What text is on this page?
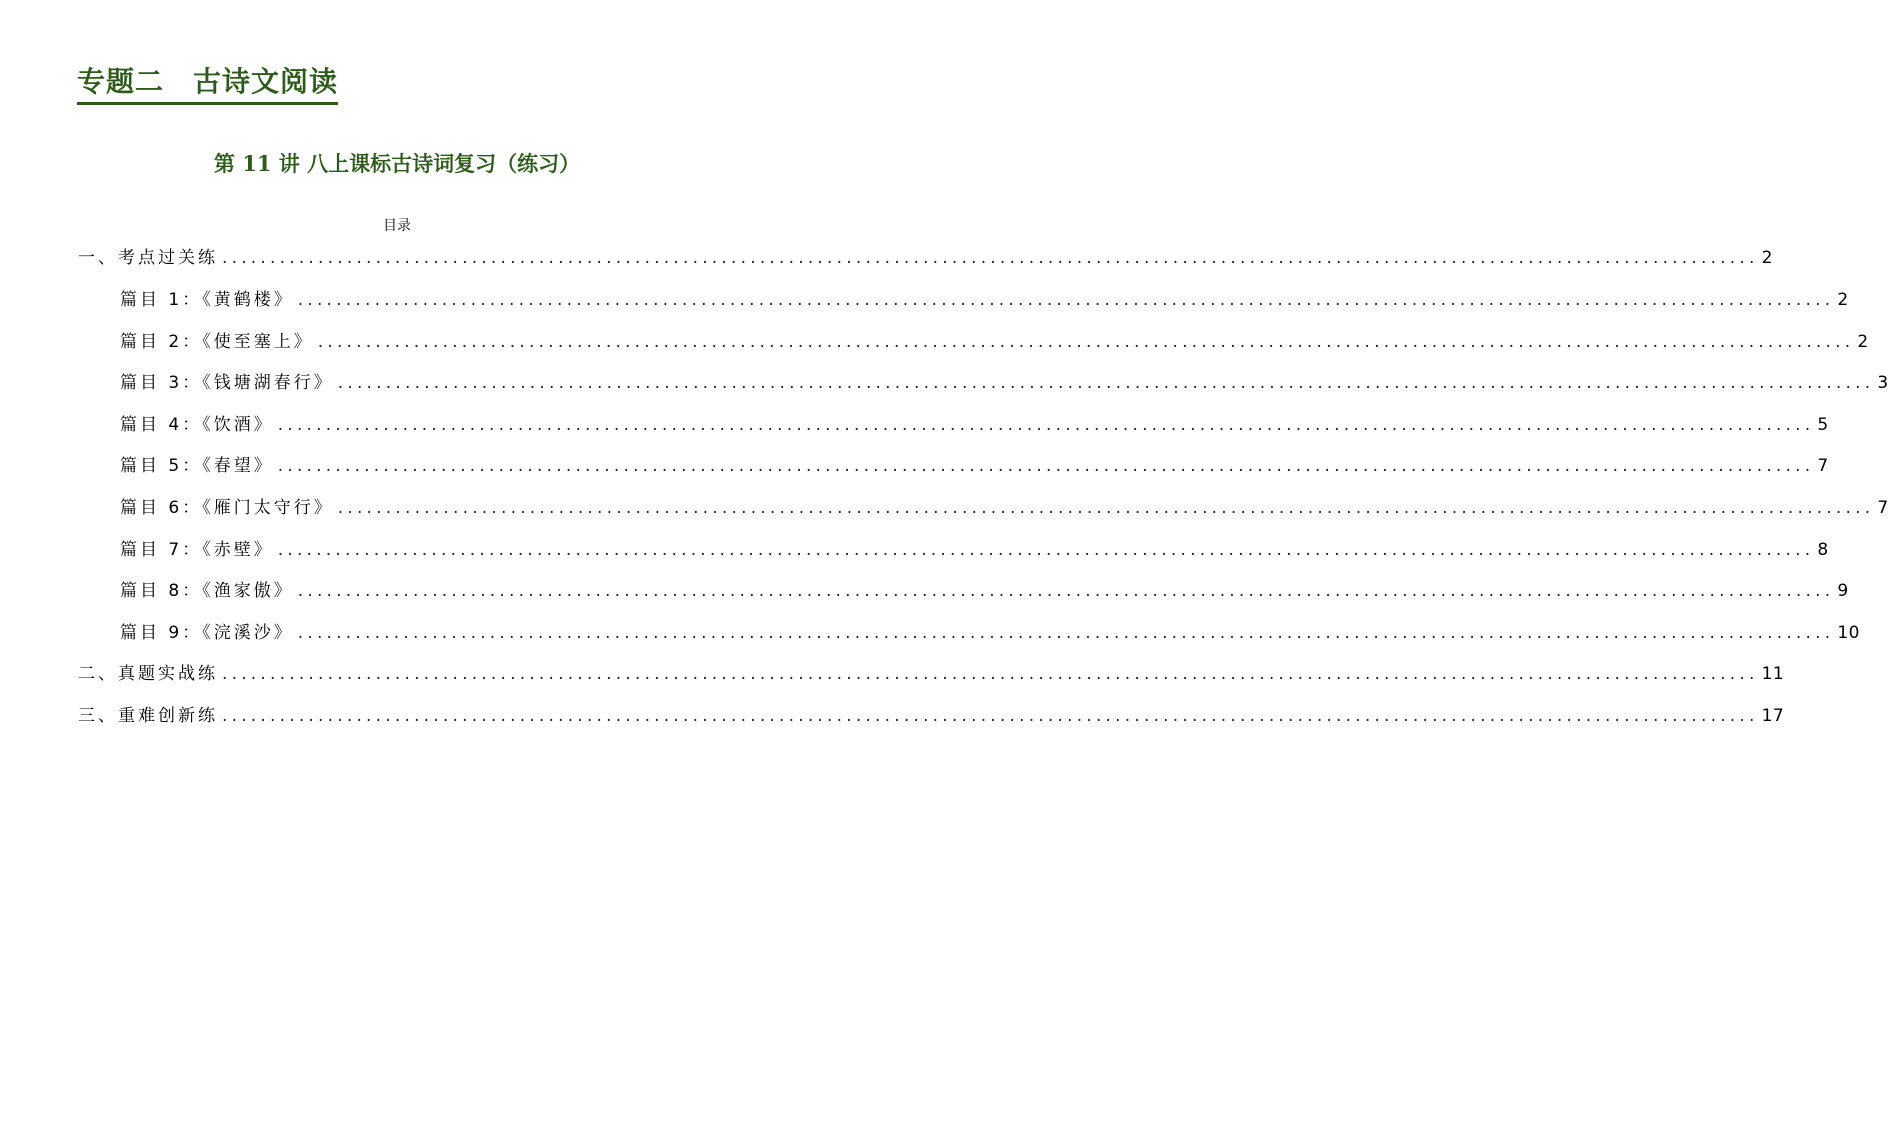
专题二　古诗文阅读
第 11 讲 八上课标古诗词复习（练习）
目录
一、考点过关练 ................................................................................................................................................................ 2
篇目 1：《黄鹤楼》 ................................................................................................................................................................ 2
篇目 2：《使至塞上》 ................................................................................................................................................................ 2
篇目 3：《钱塘湖春行》 ................................................................................................................................................................ 3
篇目 4：《饮酒》 ................................................................................................................................................................ 5
篇目 5：《春望》 ................................................................................................................................................................ 7
篇目 6：《雁门太守行》 ................................................................................................................................................................ 7
篇目 7：《赤壁》 ................................................................................................................................................................ 8
篇目 8：《渔家傲》 ................................................................................................................................................................ 9
篇目 9：《浣溪沙》 ................................................................................................................................................................ 10
二、真题实战练 ................................................................................................................................................................ 11
三、重难创新练 ................................................................................................................................................................ 17
